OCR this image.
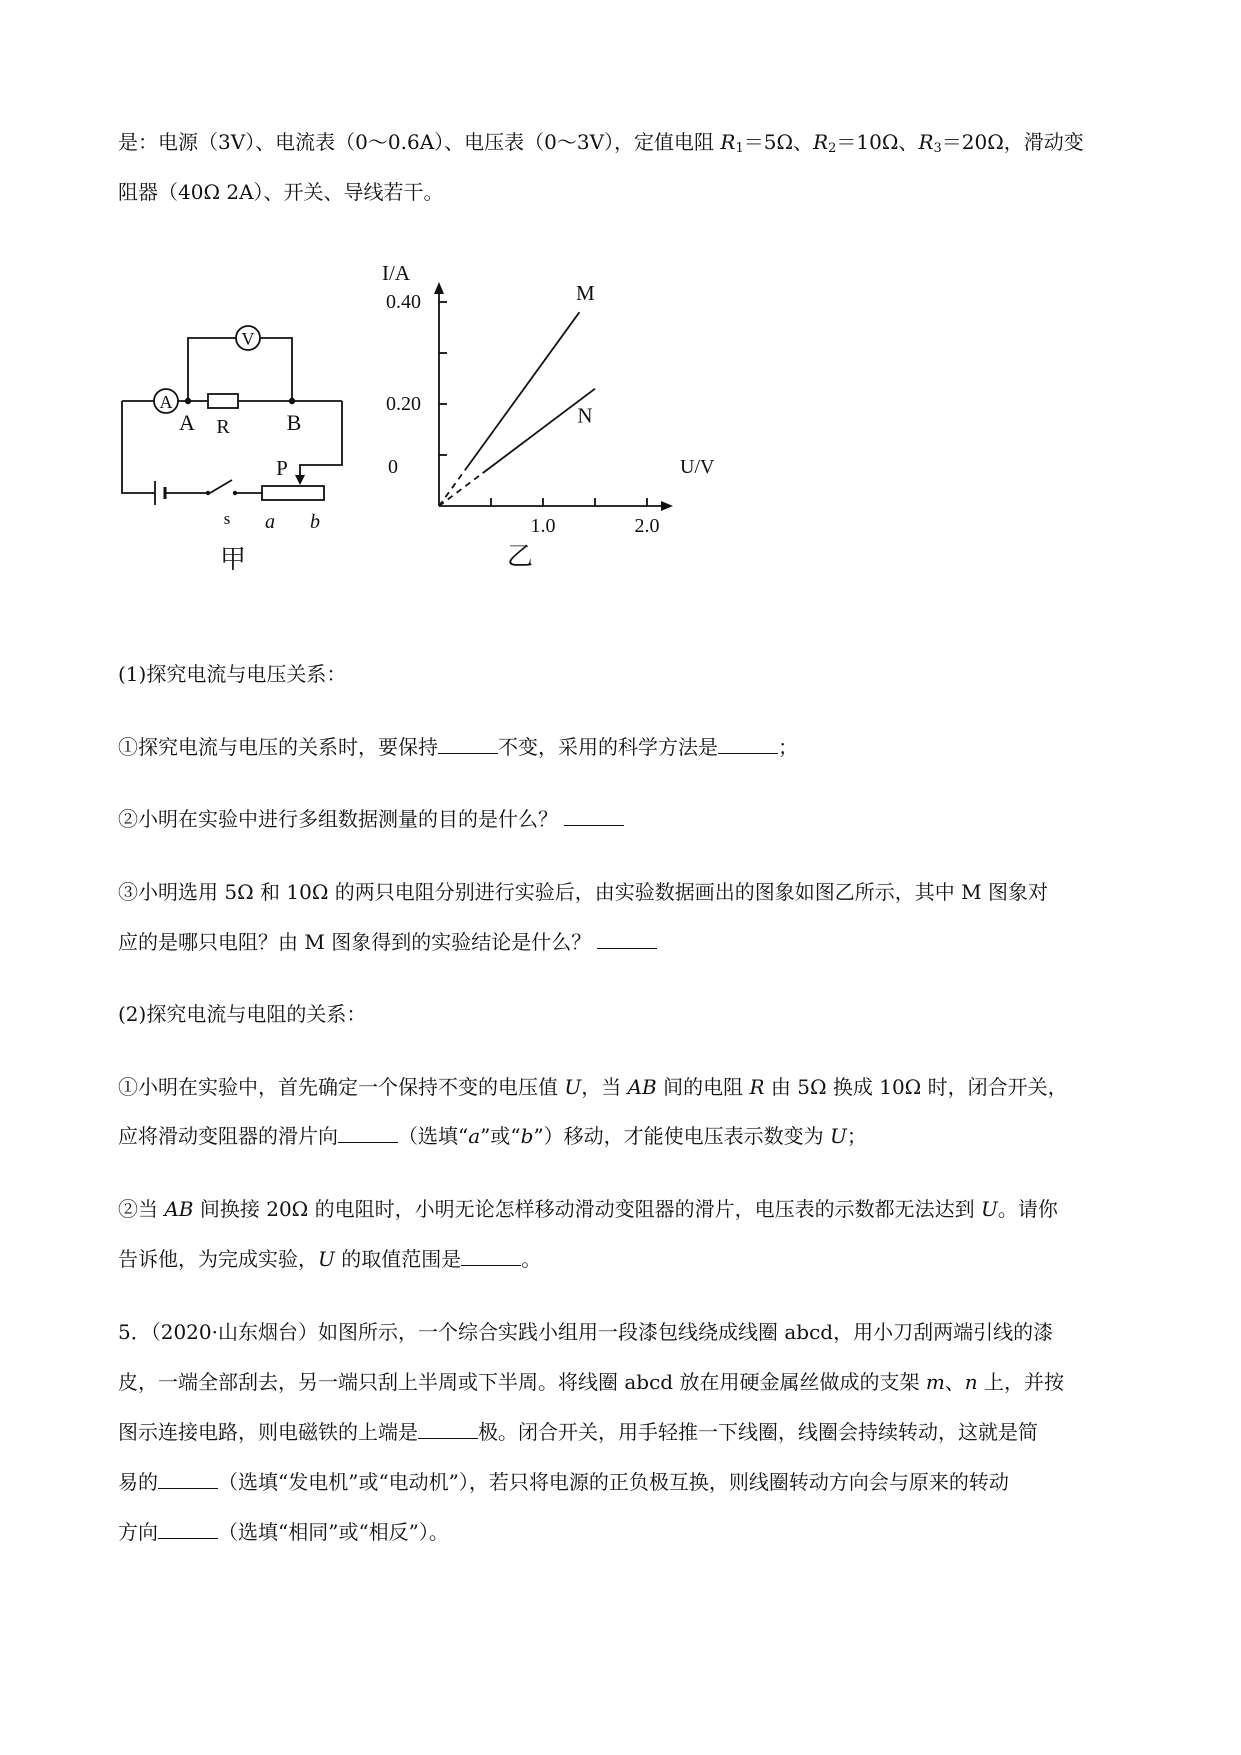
是：电源（3V）、电流表（0～0.6A）、电压表（0～3V），定值电阻 $R_1=5\Omega$、$R_2=10\Omega$、$R_3=20\Omega$，滑动变
阻器（40Ω 2A）、开关、导线若干。
V
A
A R	B
P
s a b
甲
0.20
0.40
1.0	2.0
M
N
I/A
U/V
0
乙
(1)探究电流与电压关系：
①探究电流与电压的关系时，要保持	不变，采用的科学方法是	；
②小明在实验中进行多组数据测量的目的是什么？
③小明选用 5Ω 和 10Ω 的两只电阻分别进行实验后，由实验数据画出的图象如图乙所示，其中 M 图象对
应的是哪只电阻？由 M 图象得到的实验结论是什么？
(2)探究电流与电阻的关系：
①小明在实验中，首先确定一个保持不变的电压值 U，当 AB 间的电阻 R 由 5Ω 换成 10Ω 时，闭合开关，
应将滑动变阻器的滑片向	（选填“a”或“b”）移动，才能使电压表示数变为 U；
②当 AB 间换接 20Ω 的电阻时，小明无论怎样移动滑动变阻器的滑片，电压表的示数都无法达到 U。请你
告诉他，为完成实验，U 的取值范围是	。
5．（2020·山东烟台）如图所示，一个综合实践小组用一段漆包线绕成线圈 abcd，用小刀刮两端引线的漆
皮，一端全部刮去，另一端只刮上半周或下半周。将线圈 abcd 放在用硬金属丝做成的支架 m、n 上，并按
图示连接电路，则电磁铁的上端是	极。闭合开关，用手轻推一下线圈，线圈会持续转动，这就是简
易的	（选填“发电机”或“电动机”），若只将电源的正负极互换，则线圈转动方向会与原来的转动
方向	（选填“相同”或“相反”）。
